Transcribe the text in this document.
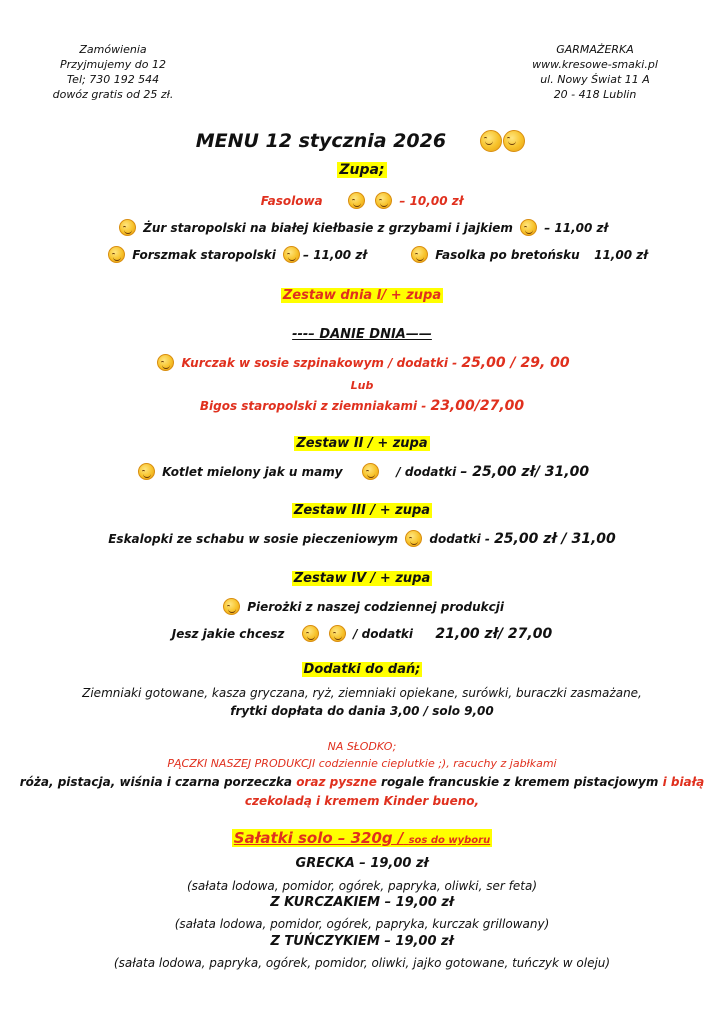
Zamówienia
Przyjmujemy do 12
Tel; 730 192 544
dowóz gratis od 25 zł.
GARMAŻERKA
www.kresowe-smaki.pl
ul. Nowy Świat 11 A
20 - 418 Lublin
MENU 12 stycznia 2026
Zupa;
Fasolowa	– 10,00 zł
Żur staropolski na białej kiełbasie z grzybami i jajkiem	– 11,00 zł
Forszmak staropolski – 11,00 zł	Fasolka po bretońsku 11,00 zł
Zestaw dnia I/ + zupa
---– DANIE DNIA——
Kurczak w sosie szpinakowym / dodatki - 25,00 / 29, 00
Lub
Bigos staropolski z ziemniakami - 23,00/27,00
Zestaw II / + zupa
Kotlet mielony jak u mamy	/ dodatki – 25,00 zł/ 31,00
Zestaw III / + zupa
Eskalopki ze schabu w sosie pieczeniowym	dodatki - 25,00 zł / 31,00
Zestaw IV / + zupa
Pierożki z naszej codziennej produkcji
Jesz jakie chcesz	/ dodatki 21,00 zł/ 27,00
Dodatki do dań;
Ziemniaki gotowane, kasza gryczana, ryż, ziemniaki opiekane, surówki, buraczki zasmażane,
frytki dopłata do dania 3,00 / solo 9,00
NA SŁODKO;
PĄCZKI NASZEJ PRODUKCJI codziennie cieplutkie ;), racuchy z jabłkami
róża, pistacja, wiśnia i czarna porzeczka oraz pyszne rogale francuskie z kremem pistacjowym i białą
czekoladą i kremem Kinder bueno,
Sałatki solo – 320g / sos do wyboru
GRECKA – 19,00 zł
(sałata lodowa, pomidor, ogórek, papryka, oliwki, ser feta)
Z KURCZAKIEM – 19,00 zł
(sałata lodowa, pomidor, ogórek, papryka, kurczak grillowany)
Z TUŃCZYKIEM – 19,00 zł
(sałata lodowa, papryka, ogórek, pomidor, oliwki, jajko gotowane, tuńczyk w oleju)
